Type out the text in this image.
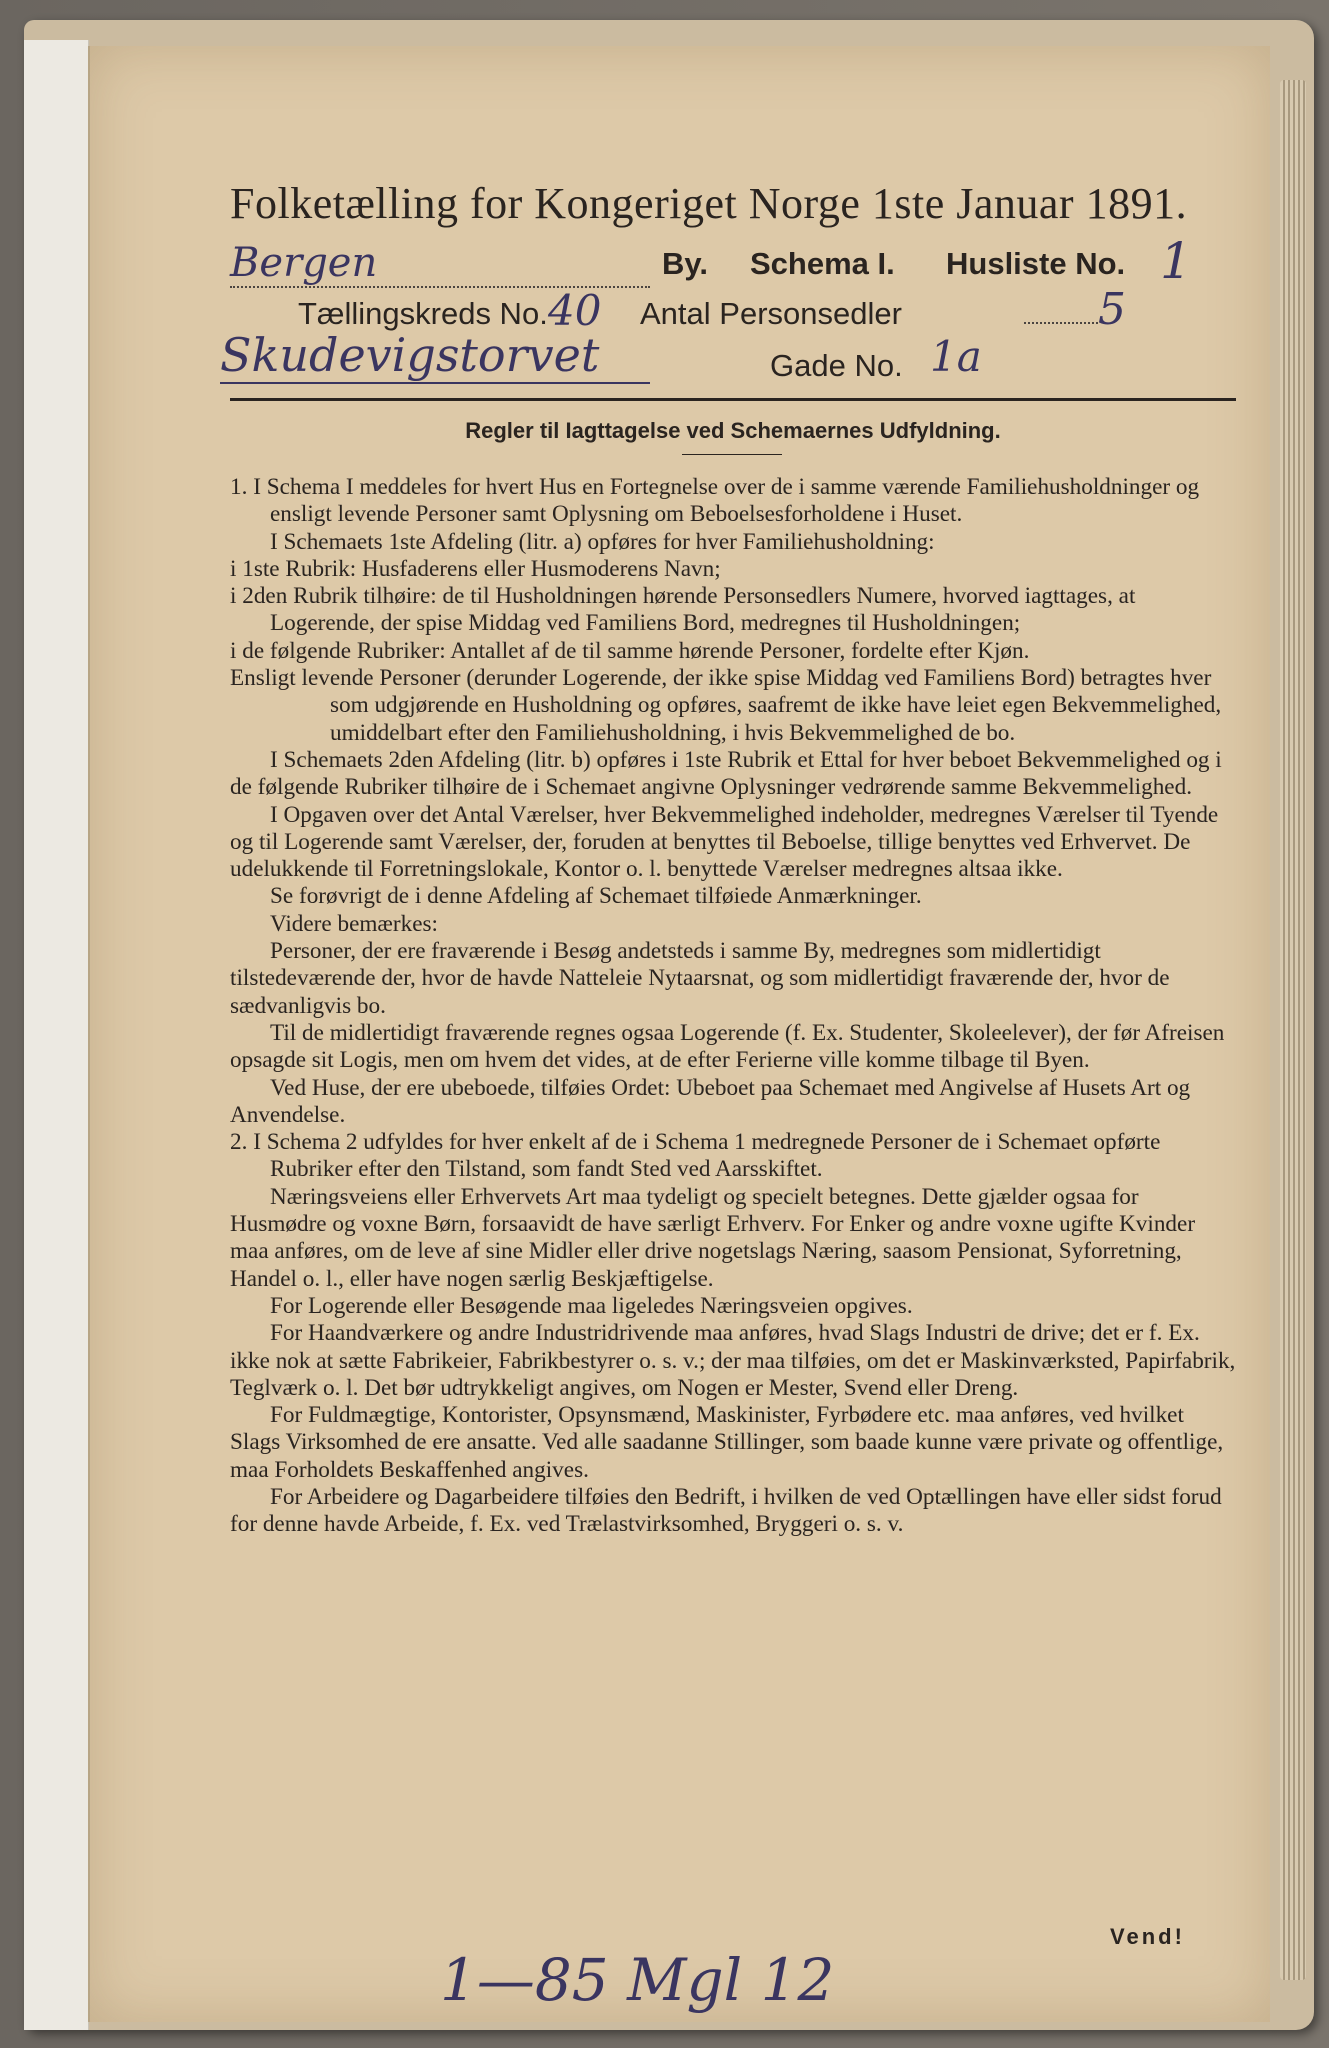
Folketælling for Kongeriget Norge 1ste Januar 1891.
Bergen	By. Schema I. Husliste No. 1
Tællingskreds No. 40 Antal Personsedler	5
Skudevigstorvet	Gade No. 1a
Regler til Iagttagelse ved Schemaernes Udfyldning.

1. I Schema I meddeles for hvert Hus en Fortegnelse over de i samme værende Familiehusholdninger og ensligt levende Personer samt Oplysning om Beboelsesforholdene i Huset.

I Schemaets 1ste Afdeling (litr. a) opføres for hver Familiehusholdning:

i 1ste Rubrik: Husfaderens eller Husmoderens Navn;

i 2den Rubrik tilhøire: de til Husholdningen hørende Personsedlers Numere, hvorved iagttages, at Logerende, der spise Middag ved Familiens Bord, medregnes til Husholdningen;

i de følgende Rubriker: Antallet af de til samme hørende Personer, fordelte efter Kjøn.

Ensligt levende Personer (derunder Logerende, der ikke spise Middag ved Familiens Bord) betragtes hver som udgjørende en Husholdning og opføres, saafremt de ikke have leiet egen Bekvemmelighed, umiddelbart efter den Familiehusholdning, i hvis Bekvemmelighed de bo.

I Schemaets 2den Afdeling (litr. b) opføres i 1ste Rubrik et Ettal for hver beboet Bekvemmelighed og i de følgende Rubriker tilhøire de i Schemaet angivne Oplysninger vedrørende samme Bekvemmelighed.

I Opgaven over det Antal Værelser, hver Bekvemmelighed indeholder, medregnes Værelser til Tyende og til Logerende samt Værelser, der, foruden at benyttes til Beboelse, tillige benyttes ved Erhvervet. De udelukkende til Forretningslokale, Kontor o. l. benyttede Værelser medregnes altsaa ikke.

Se forøvrigt de i denne Afdeling af Schemaet tilføiede Anmærkninger.

Videre bemærkes:

Personer, der ere fraværende i Besøg andetsteds i samme By, medregnes som midlertidigt tilstedeværende der, hvor de havde Natteleie Nytaarsnat, og som midlertidigt fraværende der, hvor de sædvanligvis bo.

Til de midlertidigt fraværende regnes ogsaa Logerende (f. Ex. Studenter, Skoleelever), der før Afreisen opsagde sit Logis, men om hvem det vides, at de efter Ferierne ville komme tilbage til Byen.

Ved Huse, der ere ubeboede, tilføies Ordet: Ubeboet paa Schemaet med Angivelse af Husets Art og Anvendelse.

2. I Schema 2 udfyldes for hver enkelt af de i Schema 1 medregnede Personer de i Schemaet opførte Rubriker efter den Tilstand, som fandt Sted ved Aarsskiftet.

Næringsveiens eller Erhvervets Art maa tydeligt og specielt betegnes. Dette gjælder ogsaa for Husmødre og voxne Børn, forsaavidt de have særligt Erhverv. For Enker og andre voxne ugifte Kvinder maa anføres, om de leve af sine Midler eller drive nogetslags Næring, saasom Pensionat, Syforretning, Handel o. l., eller have nogen særlig Beskjæftigelse.

For Logerende eller Besøgende maa ligeledes Næringsveien opgives.

For Haandværkere og andre Industridrivende maa anføres, hvad Slags Industri de drive; det er f. Ex. ikke nok at sætte Fabrikeier, Fabrikbestyrer o. s. v.; der maa tilføies, om det er Maskinværksted, Papirfabrik, Teglværk o. l. Det bør udtrykkeligt angives, om Nogen er Mester, Svend eller Dreng.

For Fuldmægtige, Kontorister, Opsynsmænd, Maskinister, Fyrbødere etc. maa anføres, ved hvilket Slags Virksomhed de ere ansatte. Ved alle saadanne Stillinger, som baade kunne være private og offentlige, maa Forholdets Beskaffenhed angives.

For Arbeidere og Dagarbeidere tilføies den Bedrift, i hvilken de ved Optællingen have eller sidst forud for denne havde Arbeide, f. Ex. ved Trælastvirksomhed, Bryggeri o. s. v.

Vend!
1—85 Mgl 12
